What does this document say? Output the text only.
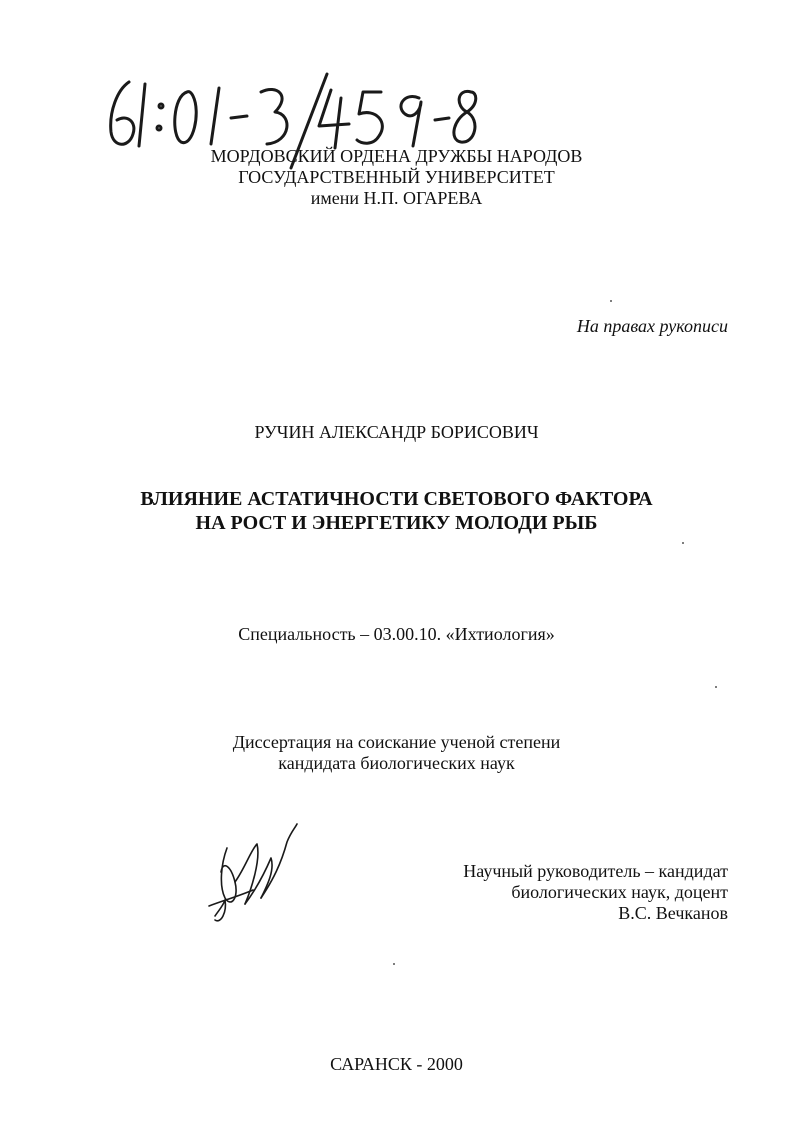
МОРДОВСКИЙ ОРДЕНА ДРУЖБЫ НАРОДОВ
ГОСУДАРСТВЕННЫЙ УНИВЕРСИТЕТ
имени Н.П. ОГАРЕВА
На правах рукописи
РУЧИН АЛЕКСАНДР БОРИСОВИЧ
ВЛИЯНИЕ АСТАТИЧНОСТИ СВЕТОВОГО ФАКТОРА
НА РОСТ И ЭНЕРГЕТИКУ МОЛОДИ РЫБ
Специальность – 03.00.10. «Ихтиология»
Диссертация на соискание ученой степени
кандидата биологических наук
Научный руководитель – кандидат
биологических наук, доцент
В.С. Вечканов
САРАНСК - 2000
